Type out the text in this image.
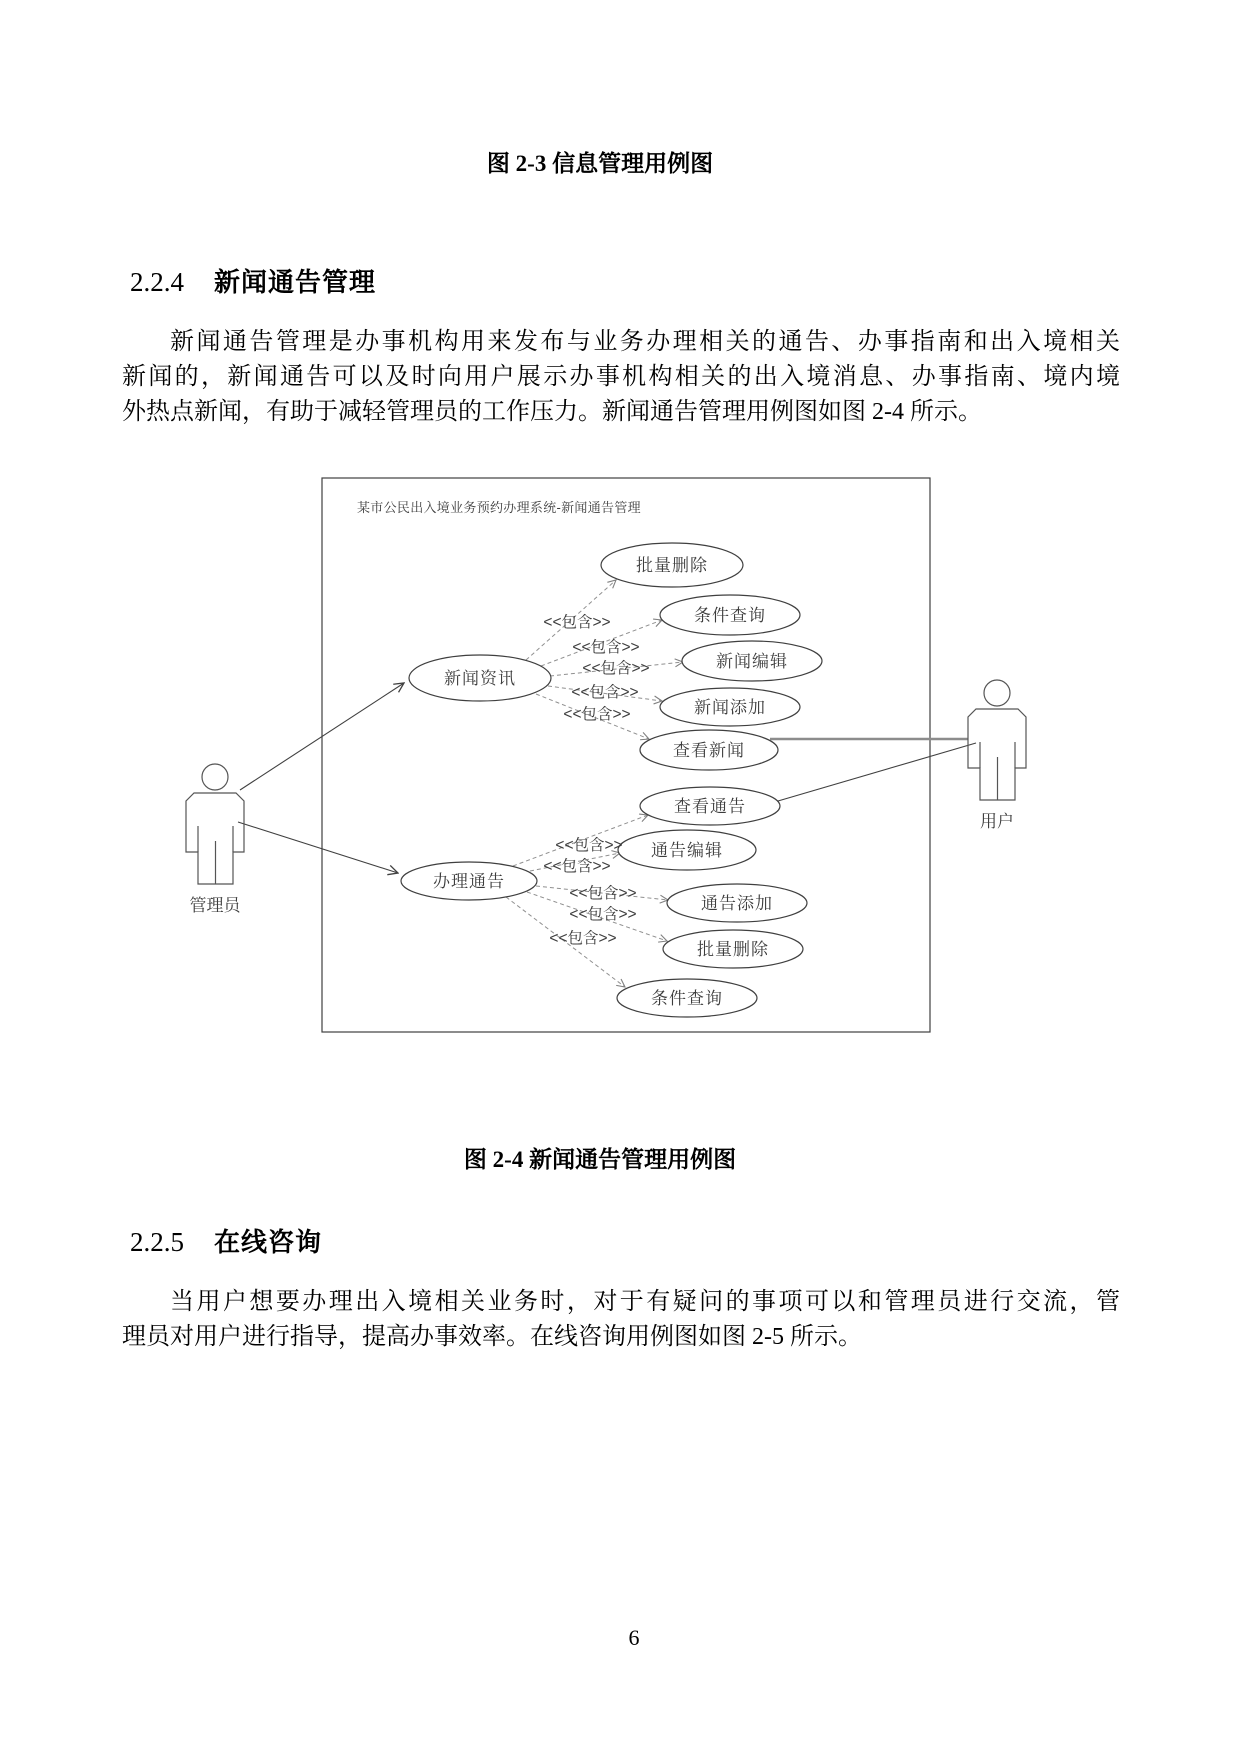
图 2-3 信息管理用例图
2.2.4 新闻通告管理
新闻通告管理是办事机构用来发布与业务办理相关的通告、办事指南和出入境相关
新闻的，新闻通告可以及时向用户展示办事机构相关的出入境消息、办事指南、境内境
外热点新闻，有助于减轻管理员的工作压力。新闻通告管理用例图如图 2-4 所示。
某市公民出入境业务预约办理系统-新闻通告管理
新闻资讯
批量删除
条件查询
新闻编辑
新闻添加
查看新闻
查看通告
通告编辑
办理通告
通告添加
批量删除
条件查询
<<包含>>
<<包含>>
<<包含>>
<<包含>>
<<包含>>
<<包含>>
<<包含>>
<<包含>>
<<包含>>
<<包含>>
管理员
用户
图 2-4 新闻通告管理用例图
2.2.5 在线咨询
当用户想要办理出入境相关业务时，对于有疑问的事项可以和管理员进行交流，管
理员对用户进行指导，提高办事效率。在线咨询用例图如图 2-5 所示。
6
